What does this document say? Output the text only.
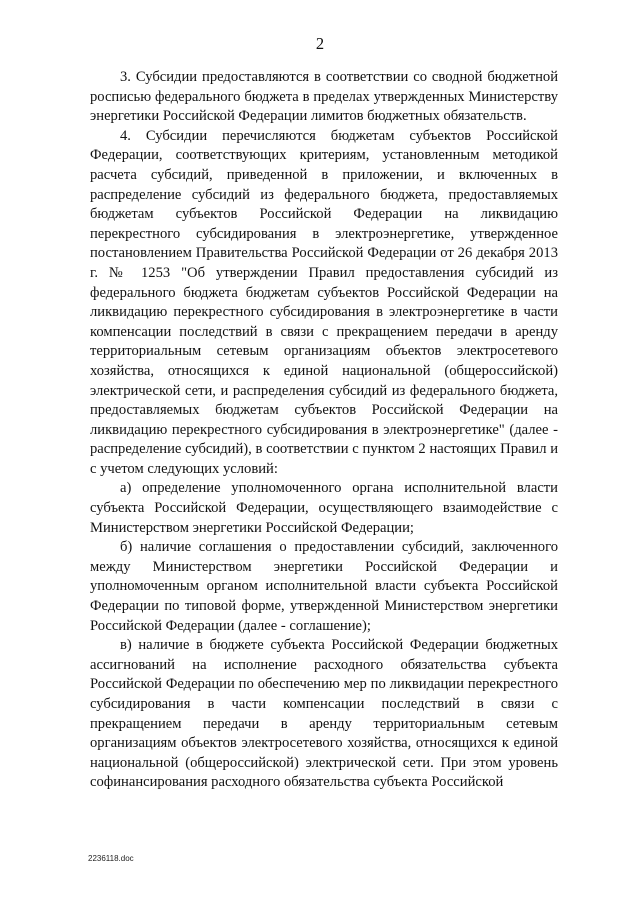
2

3. Субсидии предоставляются в соответствии со сводной бюджетной росписью федерального бюджета в пределах утвержденных Министерству энергетики Российской Федерации лимитов бюджетных обязательств.

4. Субсидии перечисляются бюджетам субъектов Российской Федерации, соответствующих критериям, установленным методикой расчета субсидий, приведенной в приложении, и включенных в распределение субсидий из федерального бюджета, предоставляемых бюджетам субъектов Российской Федерации на ликвидацию перекрестного субсидирования в электроэнергетике, утвержденное постановлением Правительства Российской Федерации от 26 декабря 2013 г. № 1253 "Об утверждении Правил предоставления субсидий из федерального бюджета бюджетам субъектов Российской Федерации на ликвидацию перекрестного субсидирования в электроэнергетике в части компенсации последствий в связи с прекращением передачи в аренду территориальным сетевым организациям объектов электросетевого хозяйства, относящихся к единой национальной (общероссийской) электрической сети, и распределения субсидий из федерального бюджета, предоставляемых бюджетам субъектов Российской Федерации на ликвидацию перекрестного субсидирования в электроэнергетике" (далее - распределение субсидий), в соответствии с пунктом 2 настоящих Правил и с учетом следующих условий:

а) определение уполномоченного органа исполнительной власти субъекта Российской Федерации, осуществляющего взаимодействие с Министерством энергетики Российской Федерации;

б) наличие соглашения о предоставлении субсидий, заключенного между Министерством энергетики Российской Федерации и уполномоченным органом исполнительной власти субъекта Российской Федерации по типовой форме, утвержденной Министерством энергетики Российской Федерации (далее - соглашение);

в) наличие в бюджете субъекта Российской Федерации бюджетных ассигнований на исполнение расходного обязательства субъекта Российской Федерации по обеспечению мер по ликвидации перекрестного субсидирования в части компенсации последствий в связи с прекращением передачи в аренду территориальным сетевым организациям объектов электросетевого хозяйства, относящихся к единой национальной (общероссийской) электрической сети. При этом уровень софинансирования расходного обязательства субъекта Российской

2236118.doc
